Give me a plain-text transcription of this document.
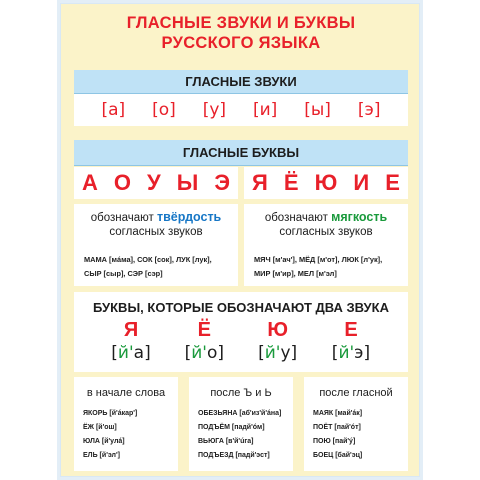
ГЛАСНЫЕ ЗВУКИ И БУКВЫ
РУССКОГО ЯЗЫКА
ГЛАСНЫЕ ЗВУКИ
[а] [о] [у] [и] [ы] [э]
ГЛАСНЫЕ БУКВЫ
А О У Ы Э Я Ё Ю И Е
обозначают твёрдость
согласных звуков
МАМА [мáма], СОК [сок], ЛУК [лук],
СЫР [сыр], СЭР [сэр]
обозначают мягкость
согласных звуков
МЯЧ [м'ач'], МЁД [м'от], ЛЮК [л'ук],
МИР [м'ир], МЕЛ [м'эл]
БУКВЫ, КОТОРЫЕ ОБОЗНАЧАЮТ ДВА ЗВУКА
Я
[й'а]
Ё
[й'о]
Ю
[й'у]
Е
[й'э]
в начале слова
ЯКОРЬ [й'áкар']
ЁЖ [й'ош]
ЮЛА [й'улá]
ЕЛЬ [й'эл']
после Ъ и Ь
ОБЕЗЬЯНА [аб'из'й'áна]
ПОДЪЁМ [падй'óм]
ВЬЮГА [в'й'úга]
ПОДЪЕЗД [падй'эст]
после гласной
МАЯК [май'áк]
ПОЁТ [пай'óт]
ПОЮ [пай'ý]
БОЕЦ [бай'эц]
